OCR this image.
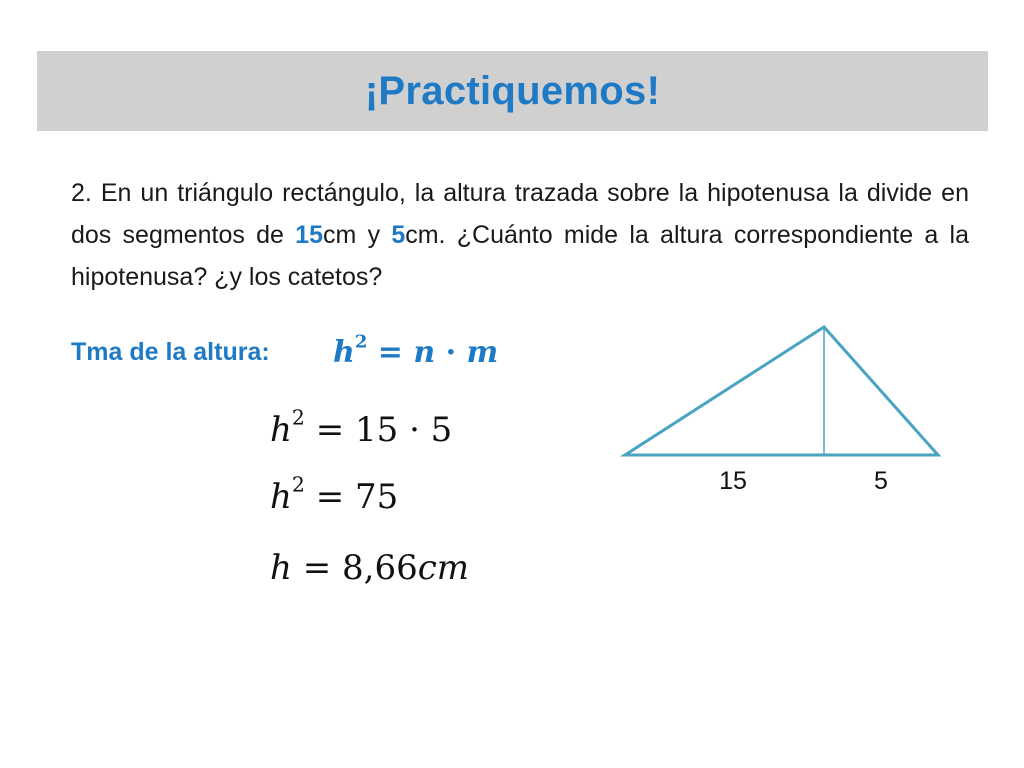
¡Practiquemos!
2. En un triángulo rectángulo, la altura trazada sobre la hipotenusa la divide en dos segmentos de 15cm y 5cm. ¿Cuánto mide la altura correspondiente a la hipotenusa? ¿y los catetos?
Tma de la altura: $h^2 = n \cdot m$
$h^2 = 15 \cdot 5$
$h^2 = 75$
h = 8,66cm
15	5
